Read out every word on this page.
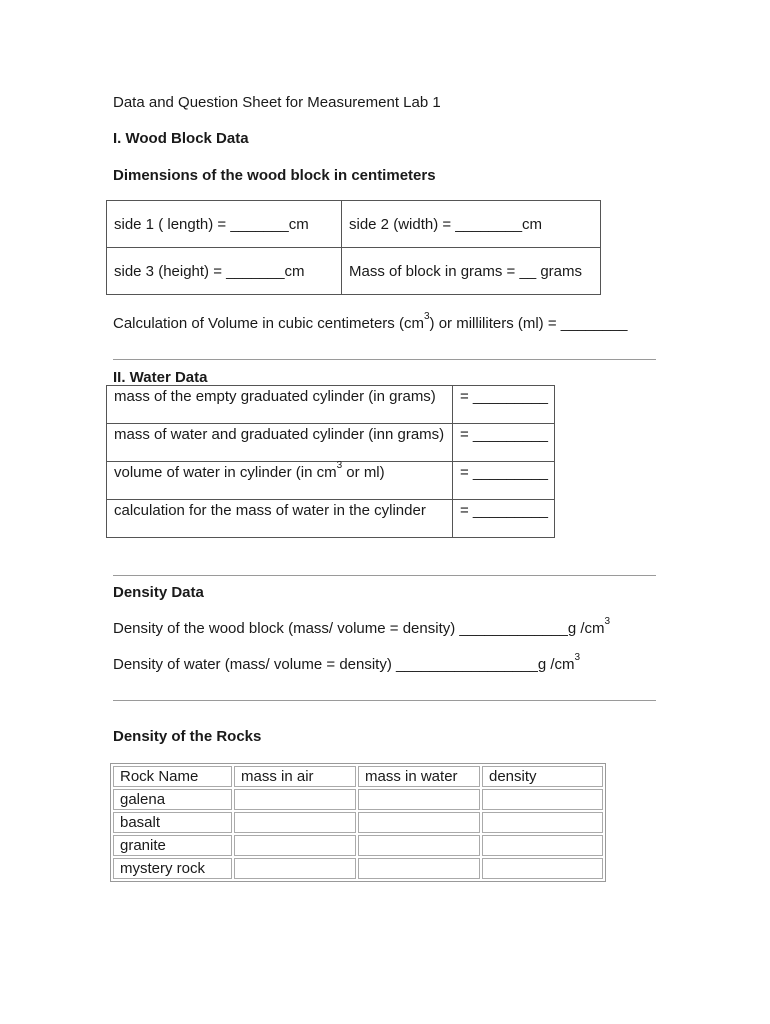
Data and Question Sheet for Measurement Lab 1
I. Wood Block Data
Dimensions of the wood block in centimeters
side 1 ( length) = _______cm	side 2 (width) = ________cm
side 3 (height) = _______cm	Mass of block in grams = __ grams
Calculation of Volume in cubic centimeters $(cm^3)$ or milliliters (ml) = ________
II. Water Data
mass of the empty graduated cylinder (in grams)	= _________
mass of water and graduated cylinder (inn grams)	= _________
volume of water in cylinder (in $cm^3$ or ml)	= _________
calculation for the mass of water in the cylinder	= _________
Density Data
Density of the wood block (mass/ volume = density) _____________g $/cm^3$
Density of water (mass/ volume = density) _________________g $/cm^3$
Density of the Rocks
Rock Name	mass in air	mass in water	density
galena			
basalt			
granite			
mystery rock			
